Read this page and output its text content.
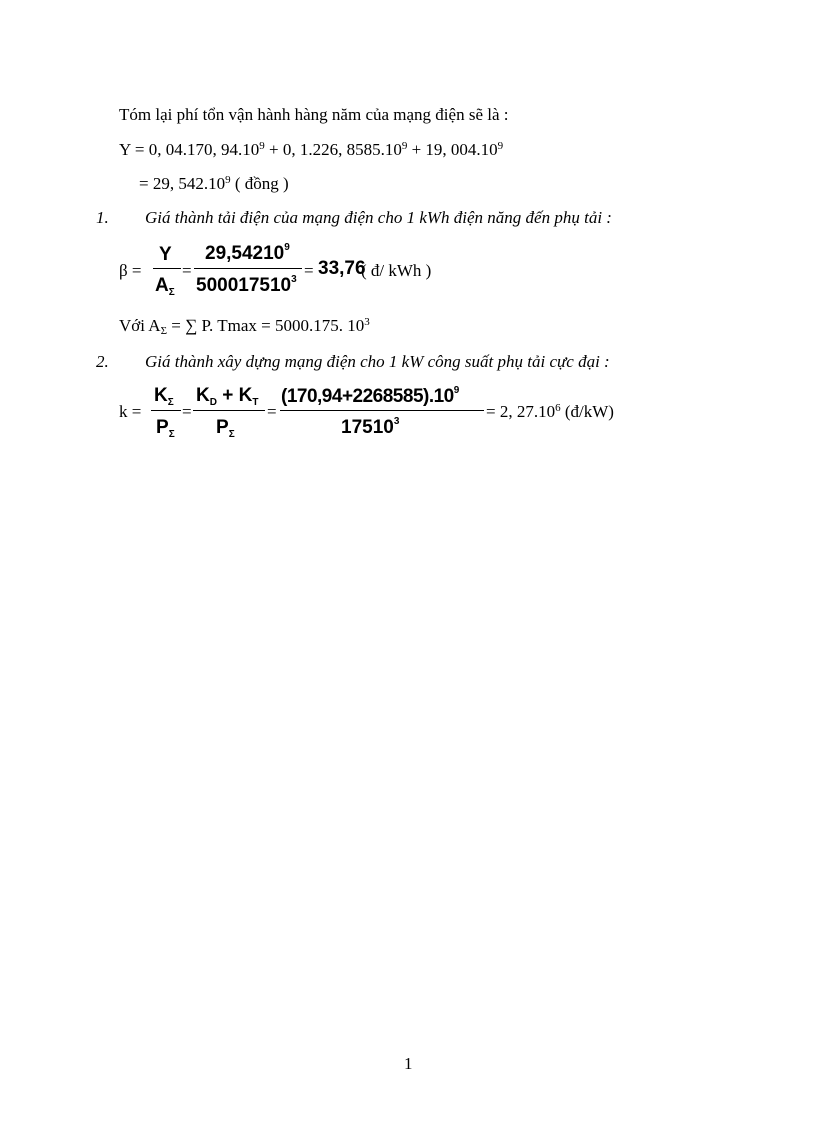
Tóm lại phí tổn vận hành hàng năm của mạng điện sẽ là :
Y = 0, 04.170, $94.10^9 + 0$, 1.226, $8585.10^9 + 19$, $004.10^9$
= 29, 542.10$^9$ ( đồng )
1. Giá thành tải điện của mạng điện cho 1 kWh điện năng đến phụ tải :
β =
Y
$A_\Sigma$
=
$29,54210^9$
$500017510^3 = 33,76$
( đ/ kWh )
Với AΣ = ∑ P. Tmax = 5000.175. $10^3$
2. Giá thành xây dựng mạng điện cho 1 kW công suất phụ tải cực đại :
k =
$K_\Sigma$
$P_\Sigma$
=
$K_D + K_T$
$P_\Sigma$
=
$(170,94+2268585).10^9$
$17510^3$
= 2, 27.10$^6$ (đ/kW)
1
